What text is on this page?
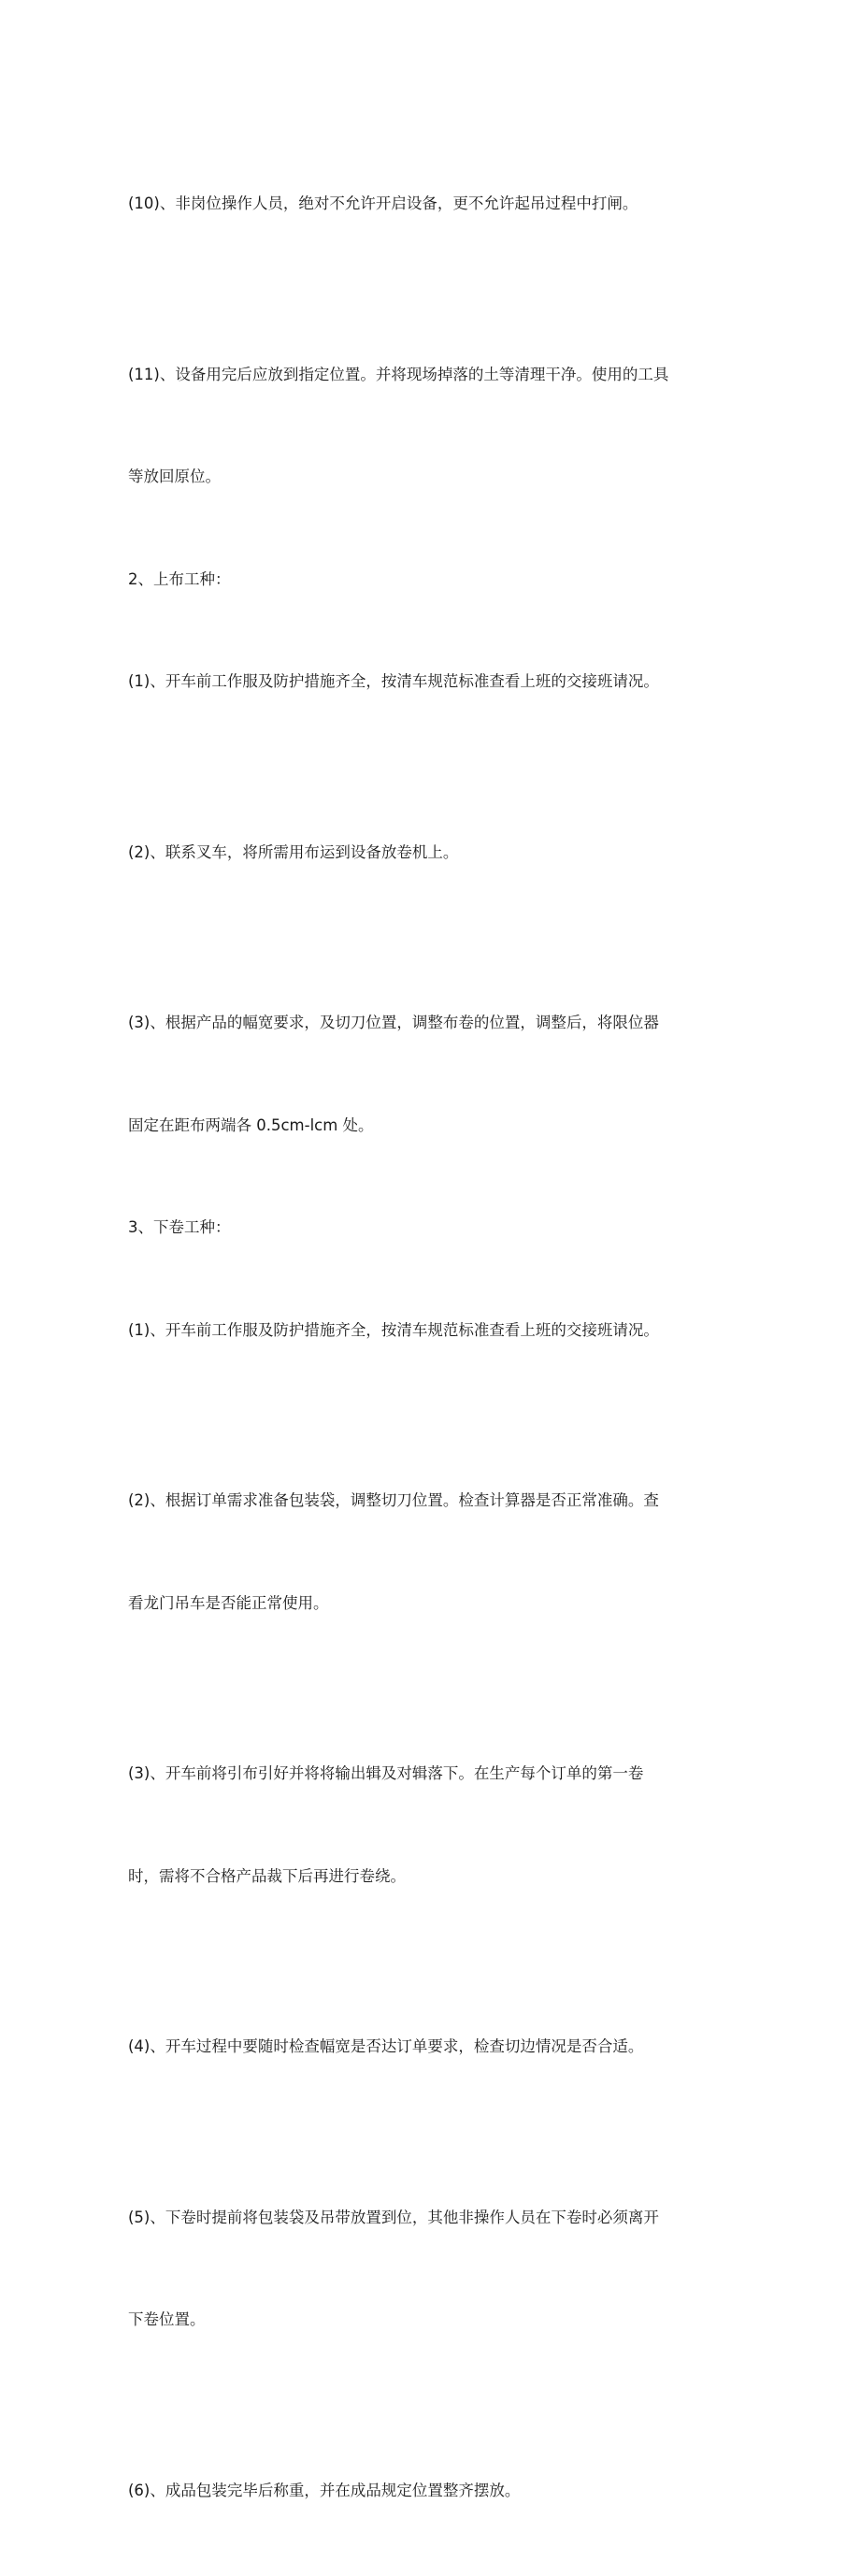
(10)、非岗位操作人员，绝对不允许开启设备，更不允许起吊过程中打闸。

(11)、设备用完后应放到指定位置。并将现场掉落的土等清理干净。使用的工具

等放回原位。

2、上布工种：

(1)、开车前工作服及防护措施齐全，按清车规范标准查看上班的交接班请况。

(2)、联系叉车，将所需用布运到设备放卷机上。

(3)、根据产品的幅宽要求，及切刀位置，调整布卷的位置，调整后，将限位器

固定在距布两端各 0.5cm-lcm 处。

3、下卷工种：

(1)、开车前工作服及防护措施齐全，按清车规范标准查看上班的交接班请况。

(2)、根据订单需求准备包装袋，调整切刀位置。检查计算器是否正常准确。查

看龙门吊车是否能正常使用。

(3)、开车前将引布引好并将将输出辑及对辑落下。在生产每个订单的第一卷

时，需将不合格产品裁下后再进行卷绕。

(4)、开车过程中要随时检查幅宽是否达订单要求，检查切边情况是否合适。

(5)、下卷时提前将包装袋及吊带放置到位，其他非操作人员在下卷时必须离开

下卷位置。

(6)、成品包装完毕后称重，并在成品规定位置整齐摆放。
